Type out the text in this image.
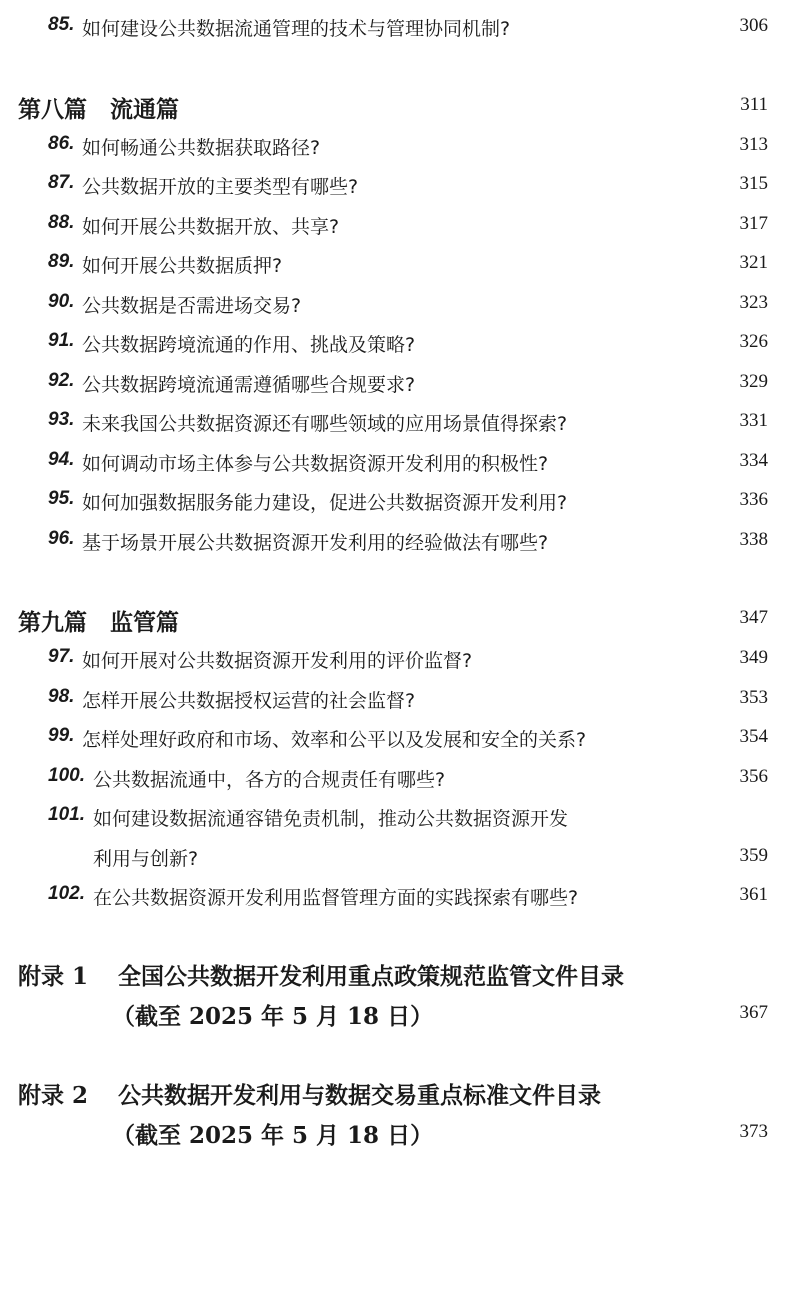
85. 如何建设公共数据流通管理的技术与管理协同机制?	306
第八篇　流通篇	311
86. 如何畅通公共数据获取路径?	313
87. 公共数据开放的主要类型有哪些?	315
88. 如何开展公共数据开放、共享?	317
89. 如何开展公共数据质押?	321
90. 公共数据是否需进场交易?	323
91. 公共数据跨境流通的作用、挑战及策略?	326
92. 公共数据跨境流通需遵循哪些合规要求?	329
93. 未来我国公共数据资源还有哪些领域的应用场景值得探索?	331
94. 如何调动市场主体参与公共数据资源开发利用的积极性?	334
95. 如何加强数据服务能力建设，促进公共数据资源开发利用?	336
96. 基于场景开展公共数据资源开发利用的经验做法有哪些?	338
第九篇　监管篇	347
97. 如何开展对公共数据资源开发利用的评价监督?	349
98. 怎样开展公共数据授权运营的社会监督?	353
99. 怎样处理好政府和市场、效率和公平以及发展和安全的关系?	354
100. 公共数据流通中，各方的合规责任有哪些?	356
101. 如何建设数据流通容错免责机制，推动公共数据资源开发
利用与创新?	359
102. 在公共数据资源开发利用监督管理方面的实践探索有哪些?	361
附录 1 全国公共数据开发利用重点政策规范监管文件目录
（截至 2025 年 5 月 18 日）	367
附录 2 公共数据开发利用与数据交易重点标准文件目录
（截至 2025 年 5 月 18 日）	373
